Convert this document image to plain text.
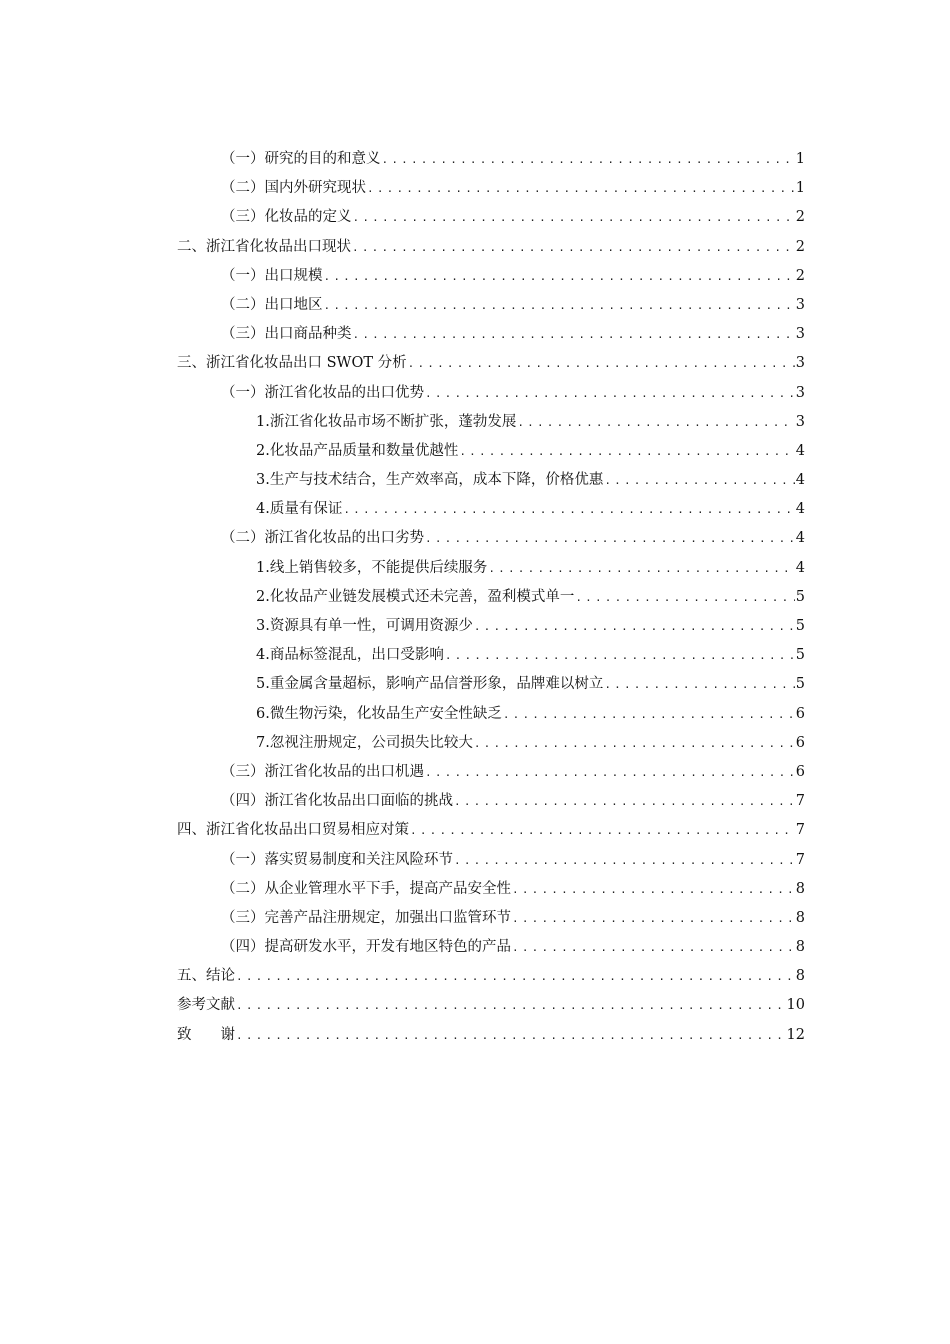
（一）研究的目的和意义 .....	1
（二）国内外研究现状 .....	1
（三）化妆品的定义 .....	2
二、浙江省化妆品出口现状 .....	2
（一）出口规模 .....	2
（二）出口地区 .....	3
（三）出口商品种类 .....	3
三、浙江省化妆品出口 SWOT 分析 .....	3
（一）浙江省化妆品的出口优势 .....	3
1.浙江省化妆品市场不断扩张，蓬勃发展 .....	3
2.化妆品产品质量和数量优越性 .....	4
3.生产与技术结合，生产效率高，成本下降，价格优惠 .....	4
4.质量有保证 .....	4
（二）浙江省化妆品的出口劣势 .....	4
1.线上销售较多，不能提供后续服务 .....	4
2.化妆品产业链发展模式还未完善，盈利模式单一 .....	5
3.资源具有单一性，可调用资源少 .....	5
4.商品标签混乱，出口受影响 .....	5
5.重金属含量超标，影响产品信誉形象，品牌难以树立 .....	5
6.微生物污染，化妆品生产安全性缺乏 .....	6
7.忽视注册规定，公司损失比较大 .....	6
（三）浙江省化妆品的出口机遇 .....	6
（四）浙江省化妆品出口面临的挑战 .....	7
四、浙江省化妆品出口贸易相应对策 .....	7
（一）落实贸易制度和关注风险环节 .....	7
（二）从企业管理水平下手，提高产品安全性 .....	8
（三）完善产品注册规定，加强出口监管环节 .....	8
（四）提高研发水平，开发有地区特色的产品 .....	8
五、结论 .....	8
参考文献 .....	10
致　　谢 .....	12
